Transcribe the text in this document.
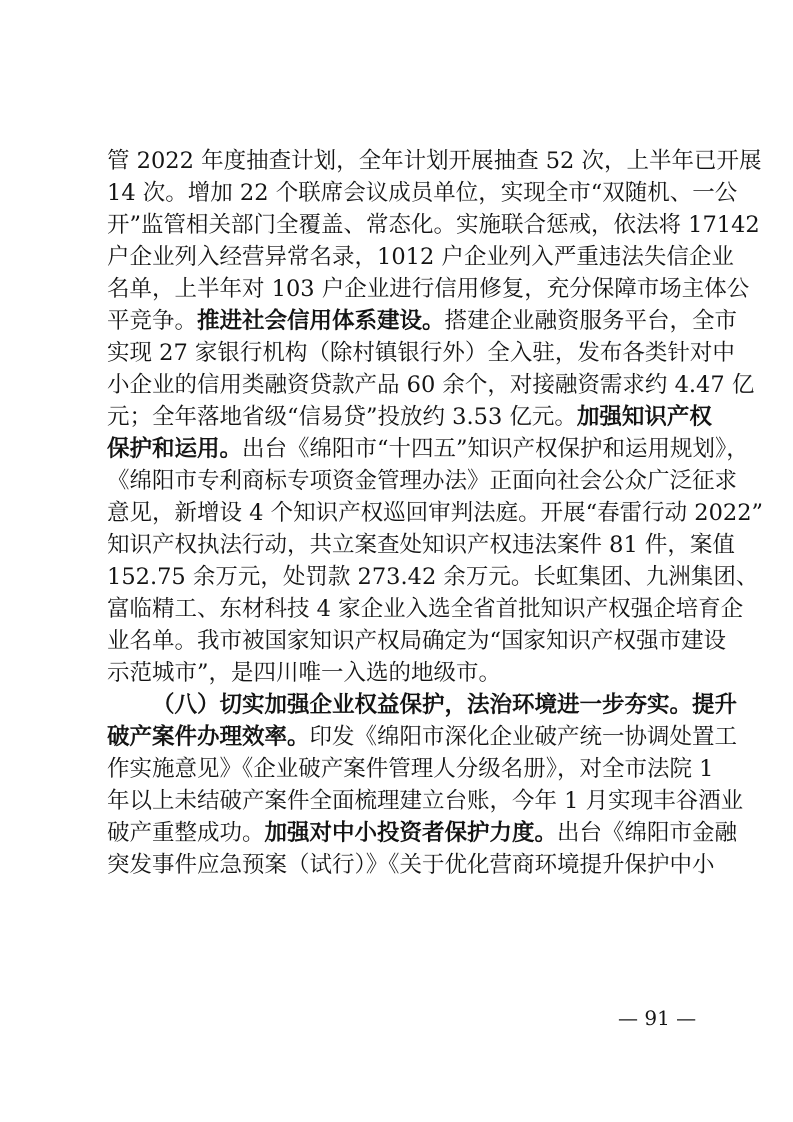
管 2022 年度抽查计划，全年计划开展抽查 52 次，上半年已开展
14 次。增加 22 个联席会议成员单位，实现全市“双随机、一公
开”监管相关部门全覆盖、常态化。实施联合惩戒，依法将 17142
户企业列入经营异常名录，1012 户企业列入严重违法失信企业
名单，上半年对 103 户企业进行信用修复，充分保障市场主体公
平竞争。推进社会信用体系建设。搭建企业融资服务平台，全市
实现 27 家银行机构（除村镇银行外）全入驻，发布各类针对中
小企业的信用类融资贷款产品 60 余个，对接融资需求约 4.47 亿
元；全年落地省级“信易贷”投放约 3.53 亿元。加强知识产权
保护和运用。出台《绵阳市“十四五”知识产权保护和运用规划》，
《绵阳市专利商标专项资金管理办法》正面向社会公众广泛征求
意见，新增设 4 个知识产权巡回审判法庭。开展“春雷行动 2022”
知识产权执法行动，共立案查处知识产权违法案件 81 件，案值
152.75 余万元，处罚款 273.42 余万元。长虹集团、九洲集团、
富临精工、东材科技 4 家企业入选全省首批知识产权强企培育企
业名单。我市被国家知识产权局确定为“国家知识产权强市建设
示范城市”，是四川唯一入选的地级市。
（八）切实加强企业权益保护，法治环境进一步夯实。提升
破产案件办理效率。印发《绵阳市深化企业破产统一协调处置工
作实施意见》《企业破产案件管理人分级名册》，对全市法院 1
年以上未结破产案件全面梳理建立台账，今年 1 月实现丰谷酒业
破产重整成功。加强对中小投资者保护力度。出台《绵阳市金融
突发事件应急预案（试行）》《关于优化营商环境提升保护中小
— 91 —
